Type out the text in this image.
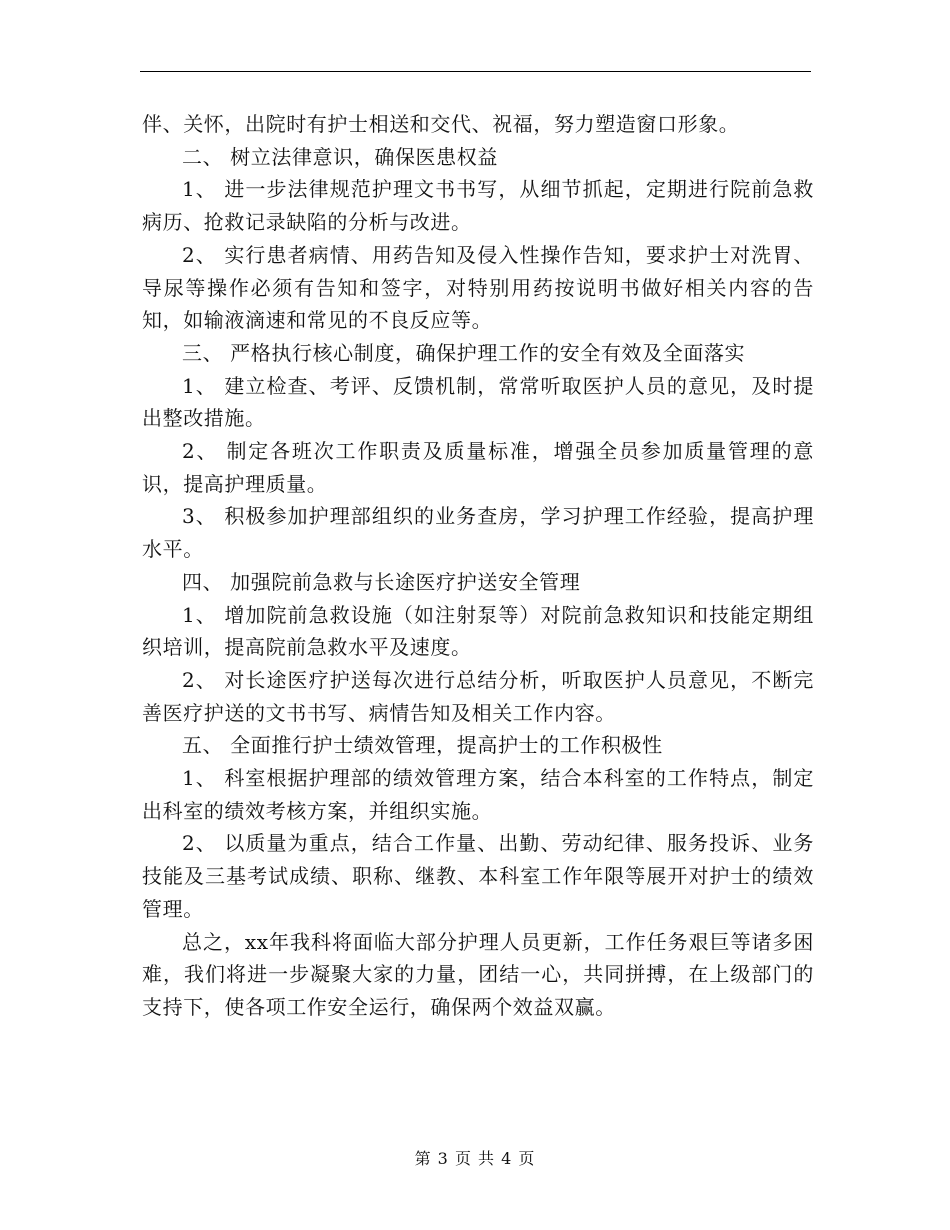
伴、关怀，出院时有护士相送和交代、祝福，努力塑造窗口形象。

二、 树立法律意识，确保医患权益

1、 进一步法律规范护理文书书写，从细节抓起，定期进行院前急救病历、抢救记录缺陷的分析与改进。

2、 实行患者病情、用药告知及侵入性操作告知，要求护士对洗胃、导尿等操作必须有告知和签字，对特别用药按说明书做好相关内容的告知，如输液滴速和常见的不良反应等。

三、 严格执行核心制度，确保护理工作的安全有效及全面落实

1、 建立检查、考评、反馈机制，常常听取医护人员的意见，及时提出整改措施。

2、 制定各班次工作职责及质量标准，增强全员参加质量管理的意识，提高护理质量。

3、 积极参加护理部组织的业务查房，学习护理工作经验，提高护理水平。

四、 加强院前急救与长途医疗护送安全管理

1、 增加院前急救设施（如注射泵等）对院前急救知识和技能定期组织培训，提高院前急救水平及速度。

2、 对长途医疗护送每次进行总结分析，听取医护人员意见，不断完善医疗护送的文书书写、病情告知及相关工作内容。

五、 全面推行护士绩效管理，提高护士的工作积极性

1、 科室根据护理部的绩效管理方案，结合本科室的工作特点，制定出科室的绩效考核方案，并组织实施。

2、 以质量为重点，结合工作量、出勤、劳动纪律、服务投诉、业务技能及三基考试成绩、职称、继教、本科室工作年限等展开对护士的绩效管理。

总之，xx年我科将面临大部分护理人员更新，工作任务艰巨等诸多困难，我们将进一步凝聚大家的力量，团结一心，共同拼搏，在上级部门的支持下，使各项工作安全运行，确保两个效益双赢。

第 3 页 共 4 页
